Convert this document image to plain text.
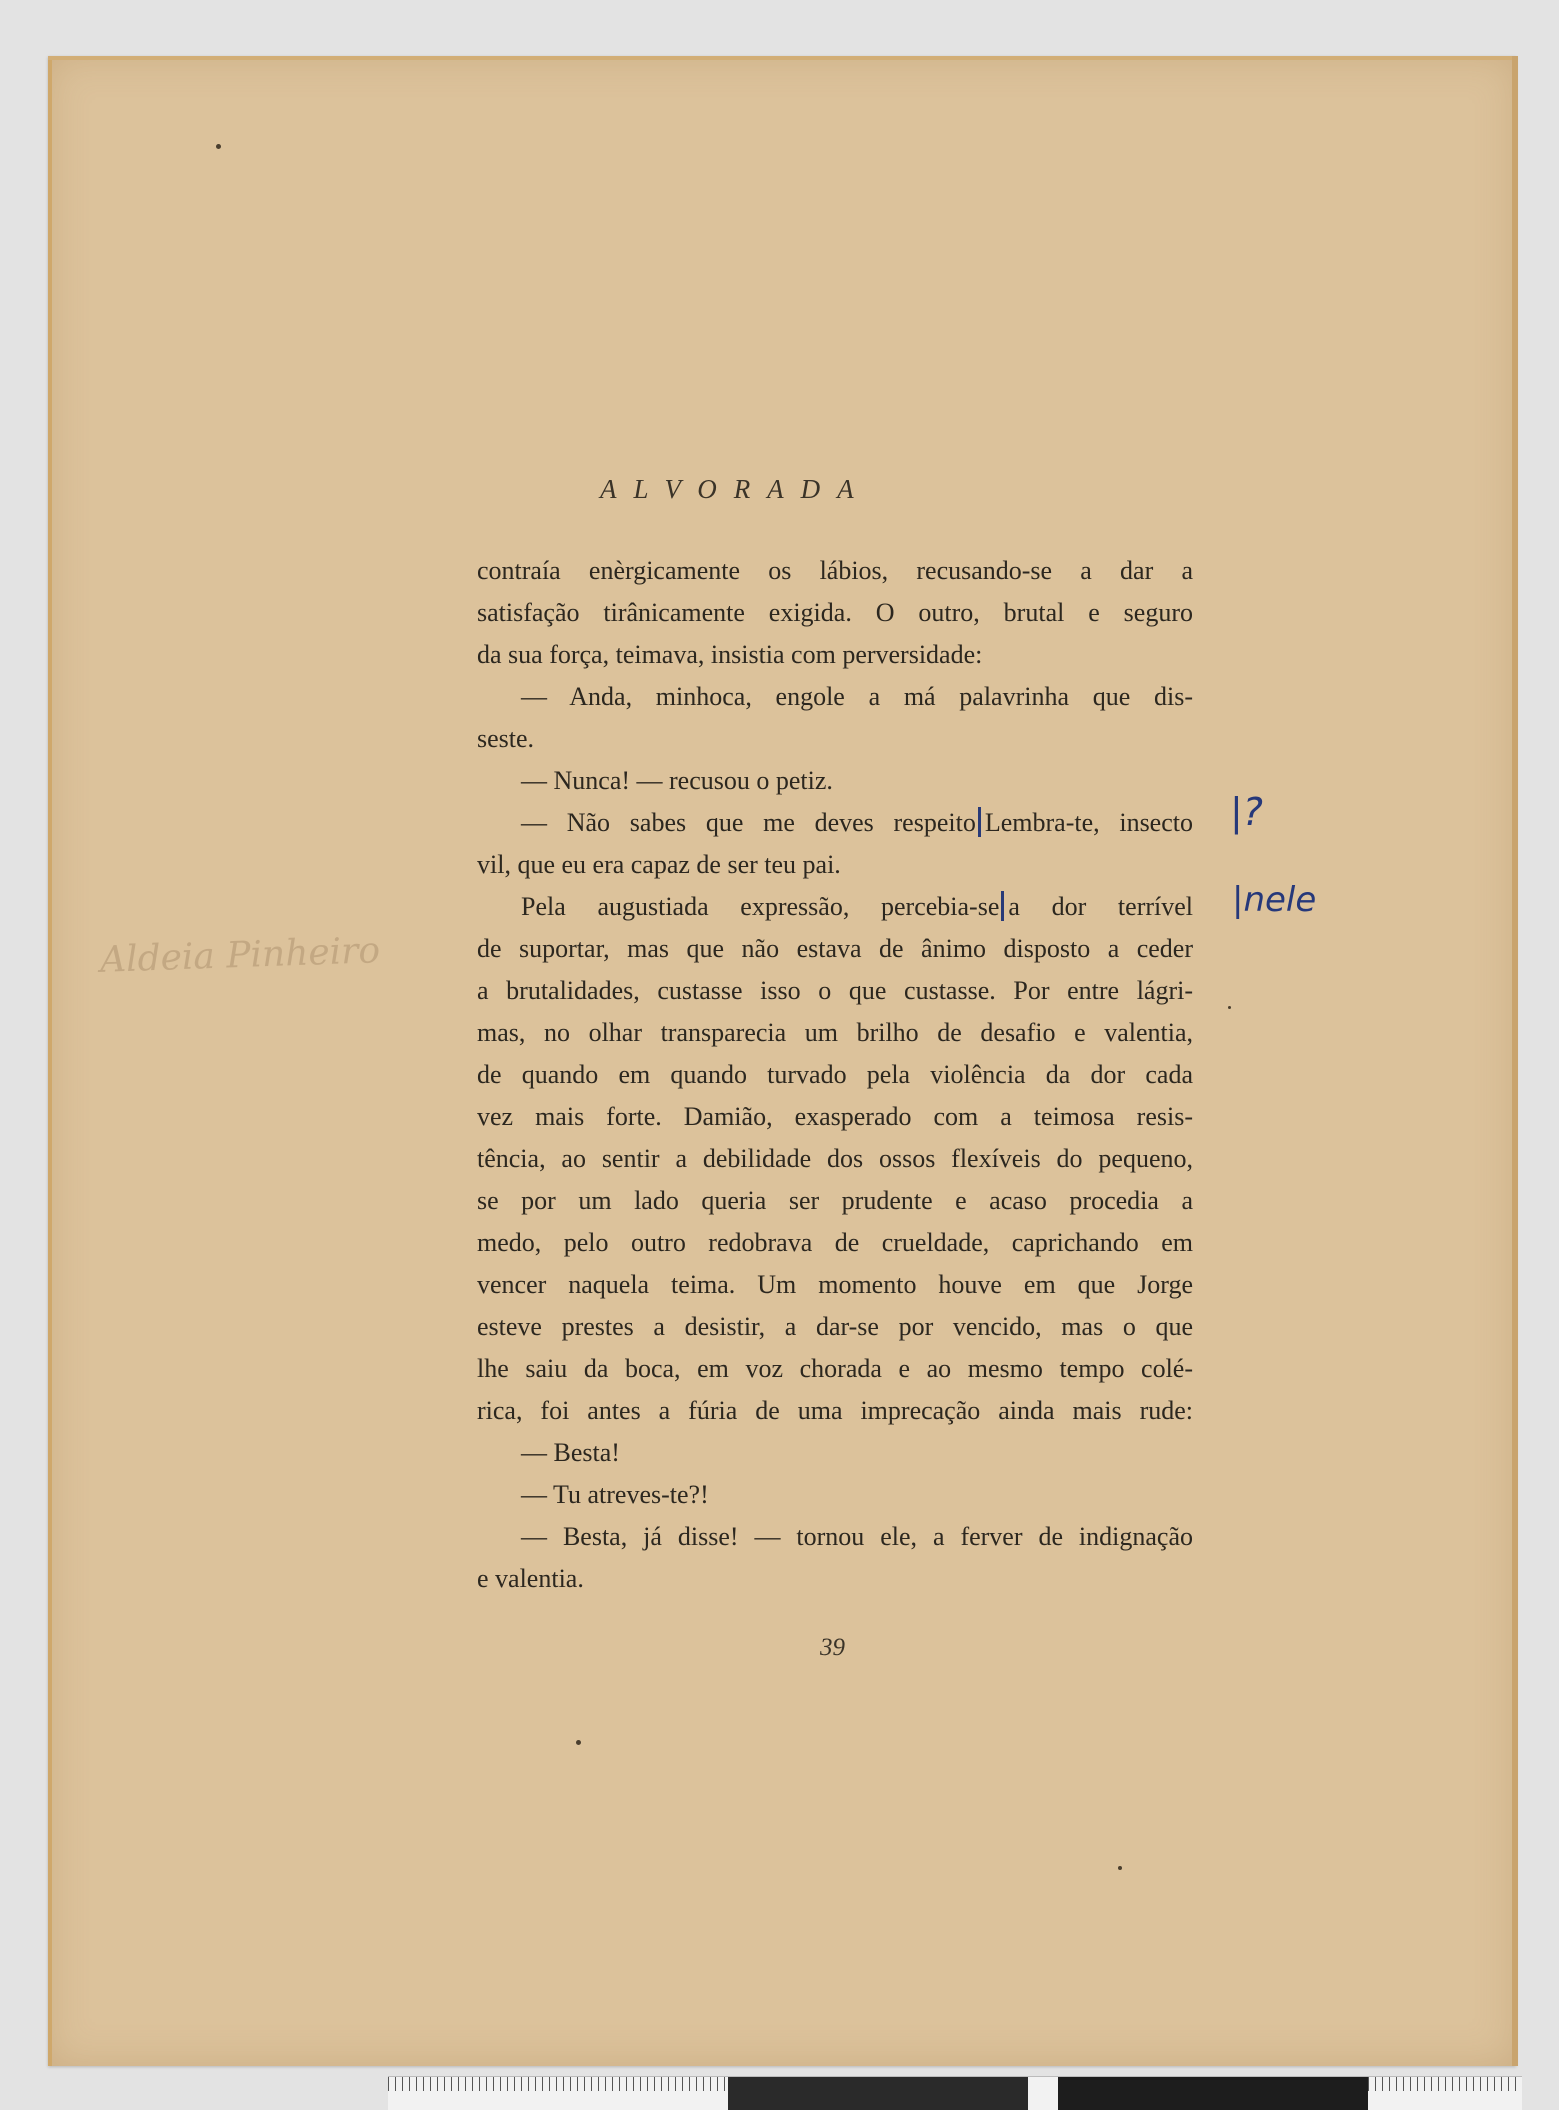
Aldeia Pinheiro
ALVORADA
contraía enèrgicamente os lábios, recusando-se a dar a
satisfação tirânicamente exigida. O outro, brutal e seguro
da sua força, teimava, insistia com perversidade:
— Anda, minhoca, engole a má palavrinha que dis-
seste.
— Nunca! — recusou o petiz.
— Não sabes que me deves respeito Lembra-te, insecto
vil, que eu era capaz de ser teu pai.
Pela augustiada expressão, percebia-se a dor terrível
de suportar, mas que não estava de ânimo disposto a ceder
a brutalidades, custasse isso o que custasse. Por entre lágri-
mas, no olhar transparecia um brilho de desafio e valentia,
de quando em quando turvado pela violência da dor cada
vez mais forte. Damião, exasperado com a teimosa resis-
tência, ao sentir a debilidade dos ossos flexíveis do pequeno,
se por um lado queria ser prudente e acaso procedia a
medo, pelo outro redobrava de crueldade, caprichando em
vencer naquela teima. Um momento houve em que Jorge
esteve prestes a desistir, a dar-se por vencido, mas o que
lhe saiu da boca, em voz chorada e ao mesmo tempo colé-
rica, foi antes a fúria de uma imprecação ainda mais rude:
— Besta!
— Tu atreves-te?!
— Besta, já disse! — tornou ele, a ferver de indignação
e valentia.
|?
|nele
39
